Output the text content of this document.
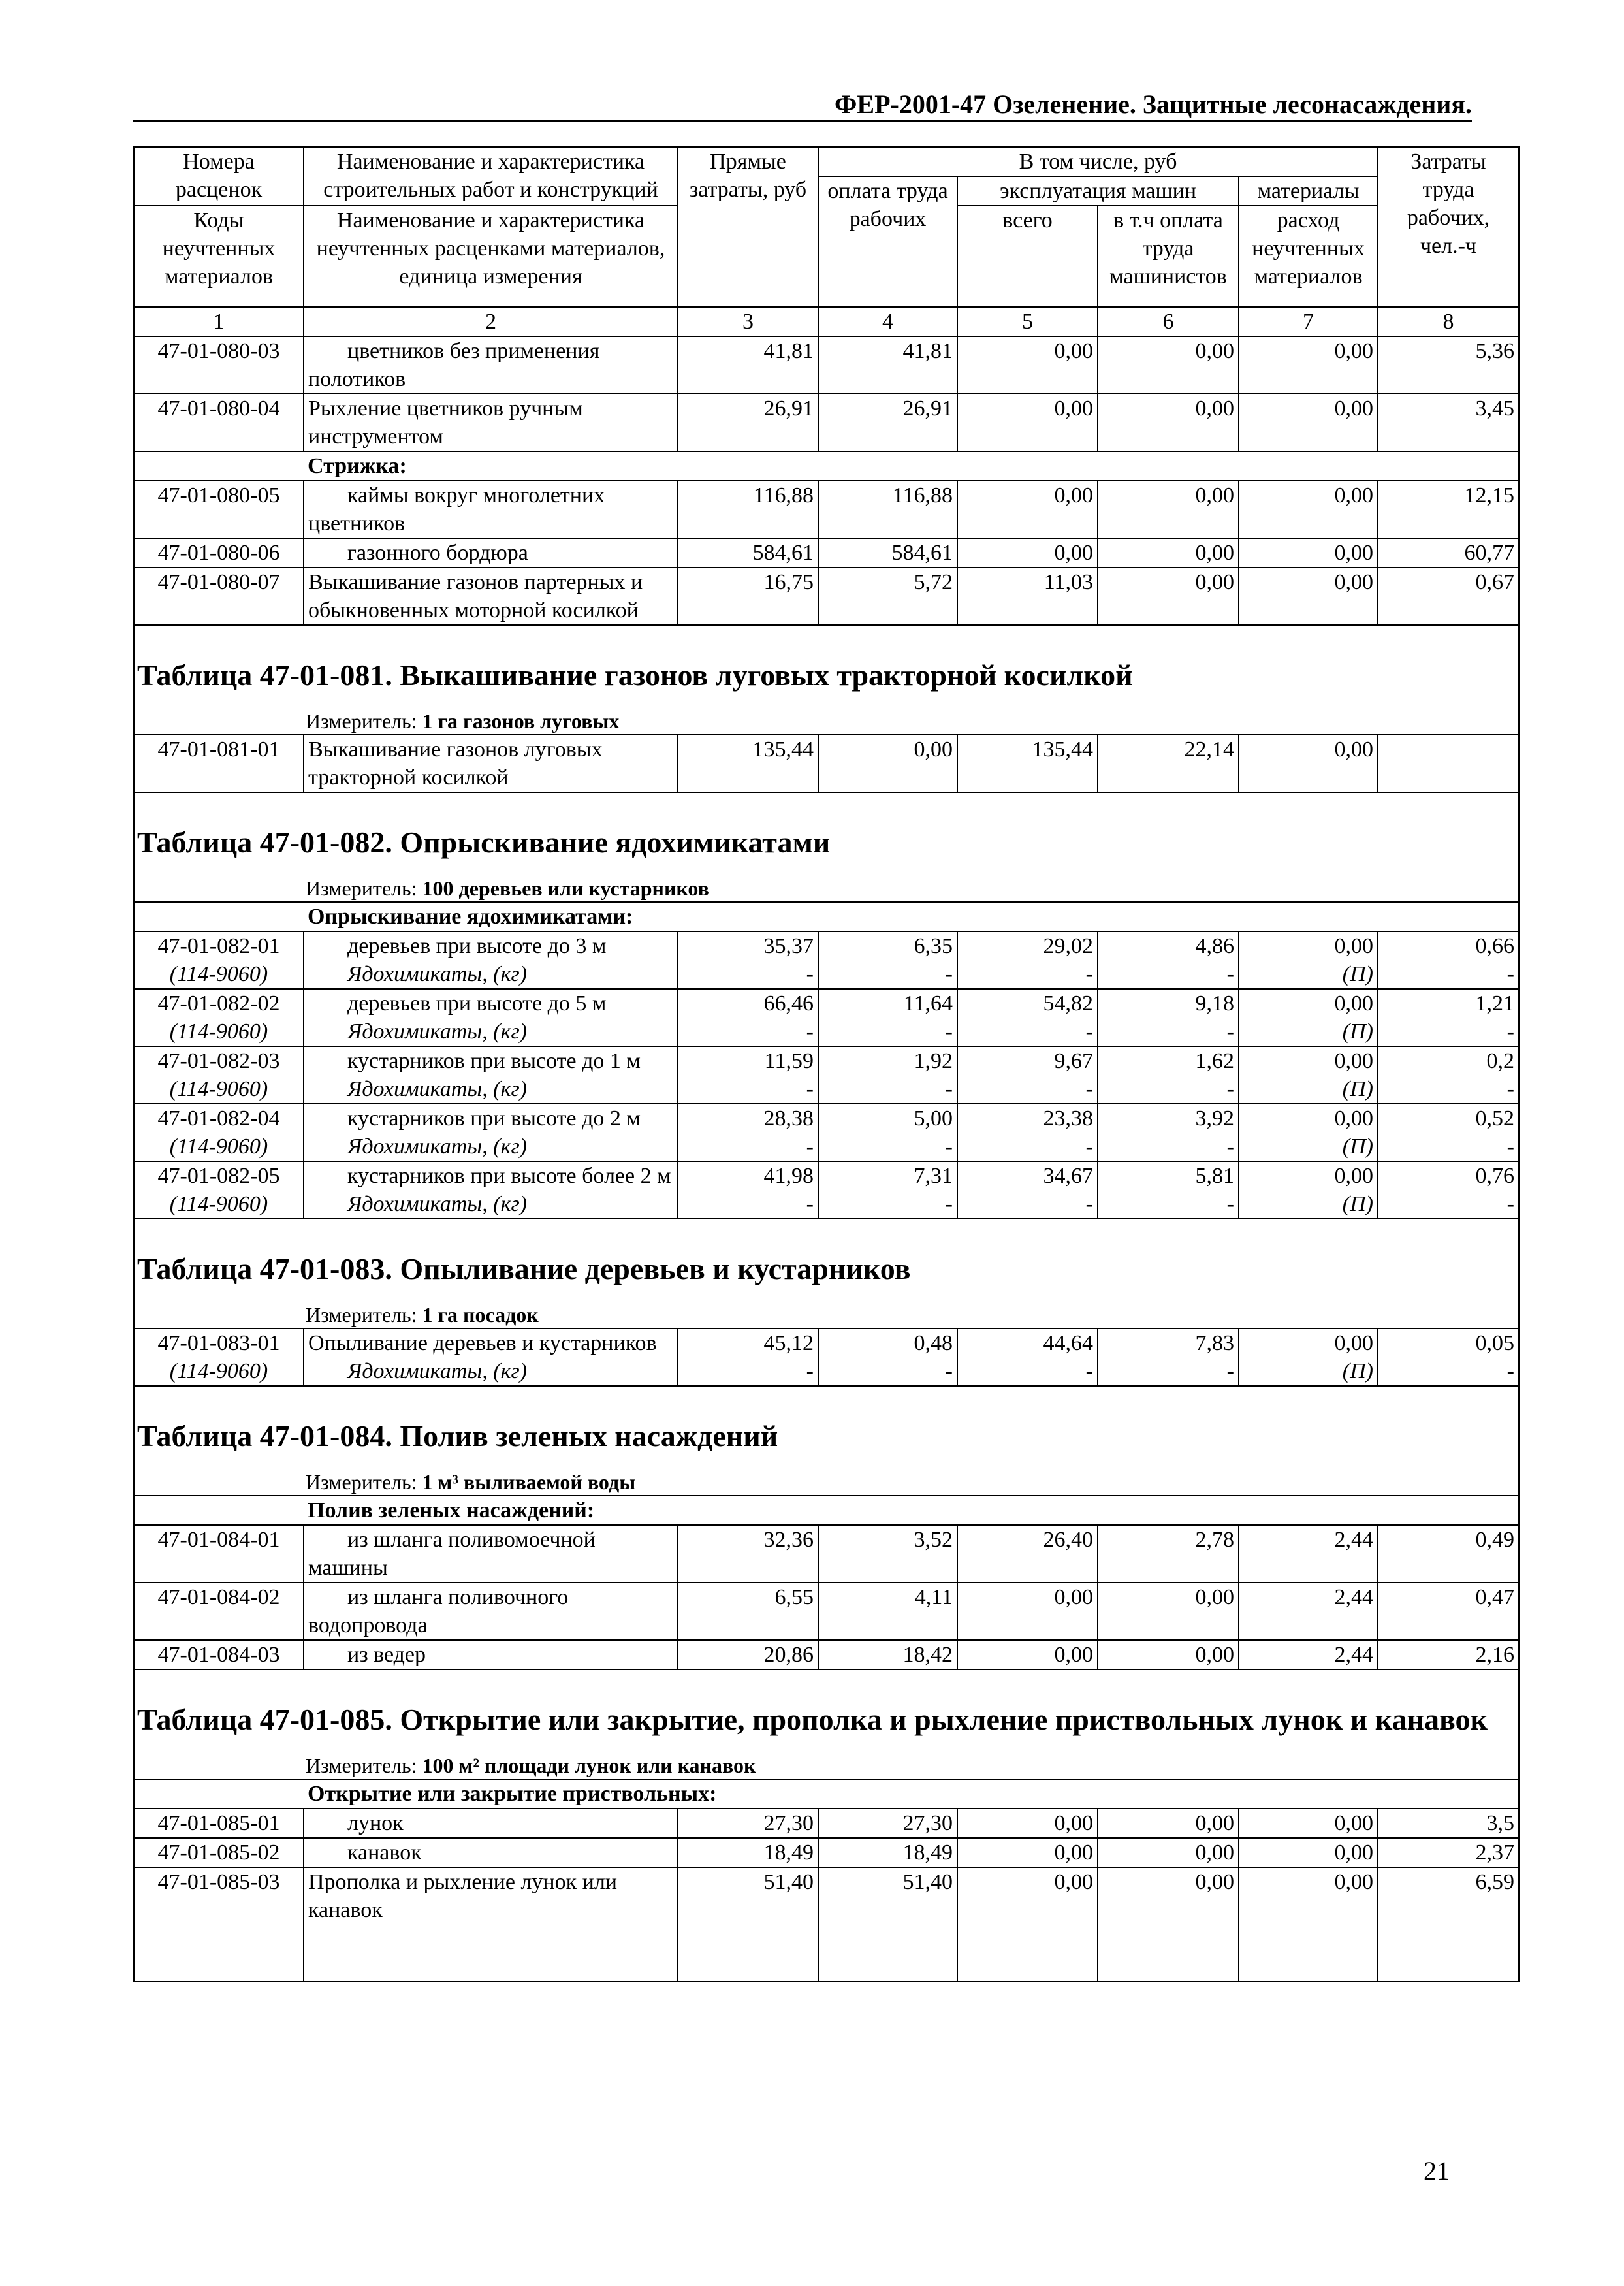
ФЕР-2001-47 Озеленение. Защитные лесонасаждения.
Номера расценок	Наименование и характеристика строительных работ и конструкций	Прямые затраты, руб	В том числе, руб				Затраты труда рабочих, чел.-ч
			оплата труда рабочих	эксплуатация машин		материалы	
Коды неучтенных материалов	Наименование и характеристика неучтенных расценками материалов, единица измерения			всего	в т.ч оплата труда машинистов	расход неучтенных материалов	
1	2	3	4	5	6	7	8
47-01-080-03	цветников без применения полотиков	41,81	41,81	0,00	0,00	0,00	5,36
47-01-080-04	Рыхление цветников ручным инструментом	26,91	26,91	0,00	0,00	0,00	3,45
	Стрижка:						
47-01-080-05	каймы вокруг многолетних цветников	116,88	116,88	0,00	0,00	0,00	12,15
47-01-080-06	газонного бордюра	584,61	584,61	0,00	0,00	0,00	60,77
47-01-080-07	Выкашивание газонов партерных и обыкновенных моторной косилкой	16,75	5,72	11,03	0,00	0,00	0,67
Таблица 47-01-081. Выкашивание газонов луговых тракторной косилкой							
Измеритель: 1 га газонов луговых							
47-01-081-01	Выкашивание газонов луговых тракторной косилкой	135,44	0,00	135,44	22,14	0,00	
Таблица 47-01-082. Опрыскивание ядохимикатами							
Измеритель: 100 деревьев или кустарников							
	Опрыскивание ядохимикатами:						
47-01-082-01	деревьев при высоте до 3 м	35,37	6,35	29,02	4,86	0,00	0,66
(114-9060)	Ядохимикаты, (кг)	-	-	-	-	(П)	-
47-01-082-02	деревьев при высоте до 5 м	66,46	11,64	54,82	9,18	0,00	1,21
(114-9060)	Ядохимикаты, (кг)	-	-	-	-	(П)	-
47-01-082-03	кустарников при высоте до 1 м	11,59	1,92	9,67	1,62	0,00	0,2
(114-9060)	Ядохимикаты, (кг)	-	-	-	-	(П)	-
47-01-082-04	кустарников при высоте до 2 м	28,38	5,00	23,38	3,92	0,00	0,52
(114-9060)	Ядохимикаты, (кг)	-	-	-	-	(П)	-
47-01-082-05	кустарников при высоте более 2 м	41,98	7,31	34,67	5,81	0,00	0,76
(114-9060)	Ядохимикаты, (кг)	-	-	-	-	(П)	-
Таблица 47-01-083. Опыливание деревьев и кустарников							
Измеритель: 1 га посадок							
47-01-083-01	Опыливание деревьев и кустарников	45,12	0,48	44,64	7,83	0,00	0,05
(114-9060)	Ядохимикаты, (кг)	-	-	-	-	(П)	-
Таблица 47-01-084. Полив зеленых насаждений							
Измеритель: 1 м³ выливаемой воды							
	Полив зеленых насаждений:						
47-01-084-01	из шланга поливомоечной машины	32,36	3,52	26,40	2,78	2,44	0,49
47-01-084-02	из шланга поливочного водопровода	6,55	4,11	0,00	0,00	2,44	0,47
47-01-084-03	из ведер	20,86	18,42	0,00	0,00	2,44	2,16
Таблица 47-01-085. Открытие или закрытие, прополка и рыхление приствольных лунок и канавок							
Измеритель: 100 м² площади лунок или канавок							
	Открытие или закрытие приствольных:						
47-01-085-01	лунок	27,30	27,30	0,00	0,00	0,00	3,5
47-01-085-02	канавок	18,49	18,49	0,00	0,00	0,00	2,37
47-01-085-03	Прополка и рыхление лунок или канавок	51,40	51,40	0,00	0,00	0,00	6,59
21
